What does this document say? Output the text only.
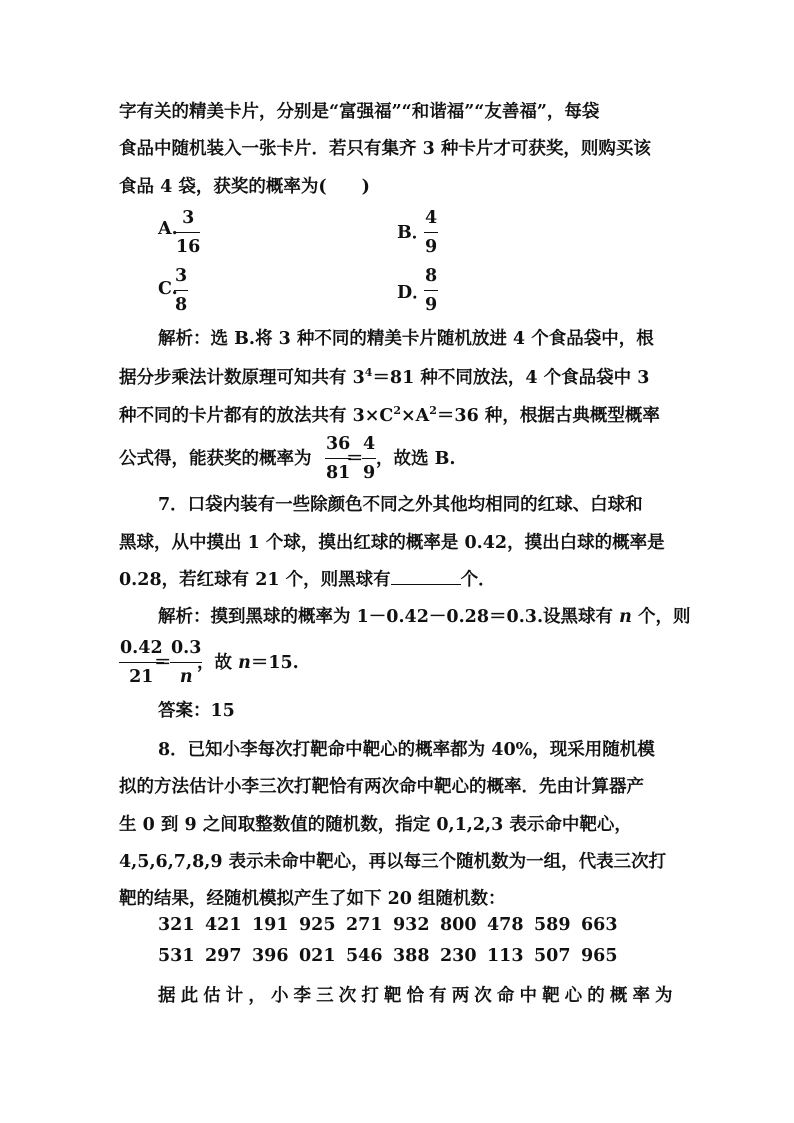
字有关的精美卡片，分别是“富强福”“和谐福”“友善福”，每袋
食品中随机装入一张卡片．若只有集齐 3 种卡片才可获奖，则购买该
食品 4 袋，获奖的概率为(　　)
A.
$\frac{3}{16}$	B．
$\frac{4}{9}$
C.
$\frac{3}{8}$	D．
$\frac{8}{9}$
解析：选 B.将 3 种不同的精美卡片随机放进 4 个食品袋中，根
据分步乘法计数原理可知共有 $3^4=81$ 种不同放法，4 个食品袋中 3
种不同的卡片都有的放法共有 $3\times C^2\times A^2=36$ 种，根据古典概型概率
公式得，能获奖的概率为 $\frac{36}{81}$
＝
$\frac{4}{9}$ ，故选 B.
7．口袋内装有一些除颜色不同之外其他均相同的红球、白球和
黑球，从中摸出 1 个球，摸出红球的概率是 0.42，摸出白球的概率是
0.28，若红球有 21 个，则黑球有	个．
解析：摸到黑球的概率为 1－0.42－0.28＝0.3.设黑球有 n 个，则
$\frac{0.42}{21}$
＝
$\frac{0.3}{n}$
，故 n＝15.
答案：15
8．已知小李每次打靶命中靶心的概率都为 40%，现采用随机模
拟的方法估计小李三次打靶恰有两次命中靶心的概率．先由计算器产
生 0 到 9 之间取整数值的随机数，指定 0,1,2,3 表示命中靶心，
4,5,6,7,8,9 表示未命中靶心，再以每三个随机数为一组，代表三次打
靶的结果，经随机模拟产生了如下 20 组随机数：
321 421 191 925 271 932 800 478 589 663
531 297 396 021 546 388 230 113 507 965
据 此 估 计 ， 小 李 三 次 打 靶 恰 有 两 次 命 中 靶 心 的 概 率 为
